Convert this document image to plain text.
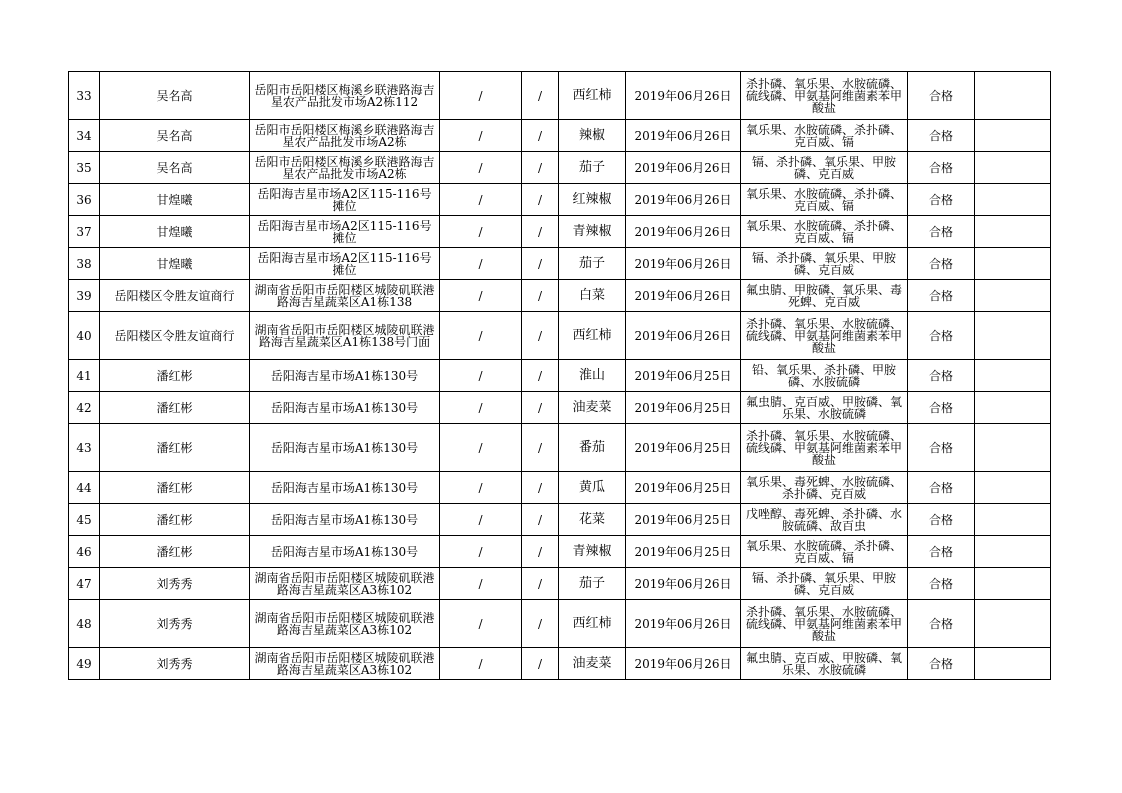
33	吴名高	岳阳市岳阳楼区梅溪乡联港路海吉星农产品批发市场A2栋112	/	/	西红柿	2019年06月26日	杀扑磷、氧乐果、水胺硫磷、硫线磷、甲氨基阿维菌素苯甲酸盐	合格	
34	吴名高	岳阳市岳阳楼区梅溪乡联港路海吉星农产品批发市场A2栋	/	/	辣椒	2019年06月26日	氧乐果、水胺硫磷、杀扑磷、克百威、镉	合格	
35	吴名高	岳阳市岳阳楼区梅溪乡联港路海吉星农产品批发市场A2栋	/	/	茄子	2019年06月26日	镉、杀扑磷、氧乐果、甲胺磷、克百威	合格	
36	甘煌曦	岳阳海吉星市场A2区115-116号摊位	/	/	红辣椒	2019年06月26日	氧乐果、水胺硫磷、杀扑磷、克百威、镉	合格	
37	甘煌曦	岳阳海吉星市场A2区115-116号摊位	/	/	青辣椒	2019年06月26日	氧乐果、水胺硫磷、杀扑磷、克百威、镉	合格	
38	甘煌曦	岳阳海吉星市场A2区115-116号摊位	/	/	茄子	2019年06月26日	镉、杀扑磷、氧乐果、甲胺磷、克百威	合格	
39	岳阳楼区令胜友谊商行	湖南省岳阳市岳阳楼区城陵矶联港路海吉星蔬菜区A1栋138	/	/	白菜	2019年06月26日	氟虫腈、甲胺磷、氧乐果、毒死蜱、克百威	合格	
40	岳阳楼区令胜友谊商行	湖南省岳阳市岳阳楼区城陵矶联港路海吉星蔬菜区A1栋138号门面	/	/	西红柿	2019年06月26日	杀扑磷、氧乐果、水胺硫磷、硫线磷、甲氨基阿维菌素苯甲酸盐	合格	
41	潘红彬	岳阳海吉星市场A1栋130号	/	/	淮山	2019年06月25日	铅、氧乐果、杀扑磷、甲胺磷、水胺硫磷	合格	
42	潘红彬	岳阳海吉星市场A1栋130号	/	/	油麦菜	2019年06月25日	氟虫腈、克百威、甲胺磷、氧乐果、水胺硫磷	合格	
43	潘红彬	岳阳海吉星市场A1栋130号	/	/	番茄	2019年06月25日	杀扑磷、氧乐果、水胺硫磷、硫线磷、甲氨基阿维菌素苯甲酸盐	合格	
44	潘红彬	岳阳海吉星市场A1栋130号	/	/	黄瓜	2019年06月25日	氧乐果、毒死蜱、水胺硫磷、杀扑磷、克百威	合格	
45	潘红彬	岳阳海吉星市场A1栋130号	/	/	花菜	2019年06月25日	戊唑醇、毒死蜱、杀扑磷、水胺硫磷、敌百虫	合格	
46	潘红彬	岳阳海吉星市场A1栋130号	/	/	青辣椒	2019年06月25日	氧乐果、水胺硫磷、杀扑磷、克百威、镉	合格	
47	刘秀秀	湖南省岳阳市岳阳楼区城陵矶联港路海吉星蔬菜区A3栋102	/	/	茄子	2019年06月26日	镉、杀扑磷、氧乐果、甲胺磷、克百威	合格	
48	刘秀秀	湖南省岳阳市岳阳楼区城陵矶联港路海吉星蔬菜区A3栋102	/	/	西红柿	2019年06月26日	杀扑磷、氧乐果、水胺硫磷、硫线磷、甲氨基阿维菌素苯甲酸盐	合格	
49	刘秀秀	湖南省岳阳市岳阳楼区城陵矶联港路海吉星蔬菜区A3栋102	/	/	油麦菜	2019年06月26日	氟虫腈、克百威、甲胺磷、氧乐果、水胺硫磷	合格	
